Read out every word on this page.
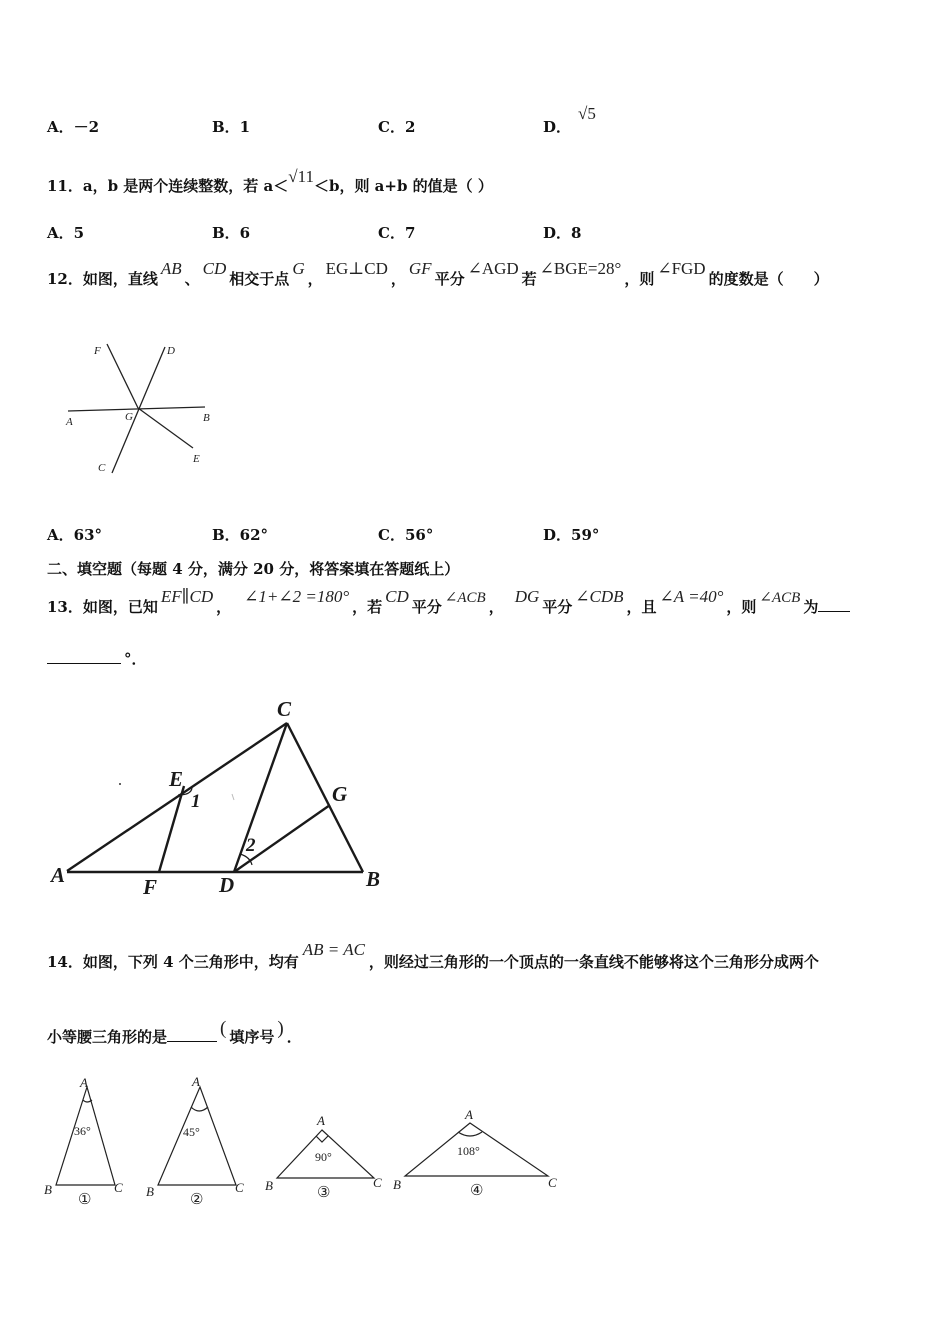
A．－2	B．1	C．2	D．
√5
11．a，b 是两个连续整数，若 a＜√11＜b，则 a+b 的值是（ ）
A．5	B．6	C．7	D．8
12．如图，直线AB、CD相交于点G，EG⊥CD，GF平分∠AGD若∠BGE=28°，则∠FGD的度数是（　　）
F	D
A	G	B
C
E
A．63°	B．62°	C．56°	D．59°
二、填空题（每题 4 分，满分 20 分，将答案填在答题纸上）
13．如图，已知EF∥CD，∠1+∠2 =180°，若CD平分 ∠ACB ，DG平分∠CDB，且∠A =40°，则 ∠ACB 为
°．
A	B
C
D
E
F
G
1
2
14．如图，下列 4 个三角形中，均有AB = AC，则经过三角形的一个顶点的一条直线不能够将这个三角形分成两个
小等腰三角形的是	( 填序号 ) ．
A
B	C
A
B	C
A
B	C
A
B	C
36°	45°
90°	108°
①	②	③	④
